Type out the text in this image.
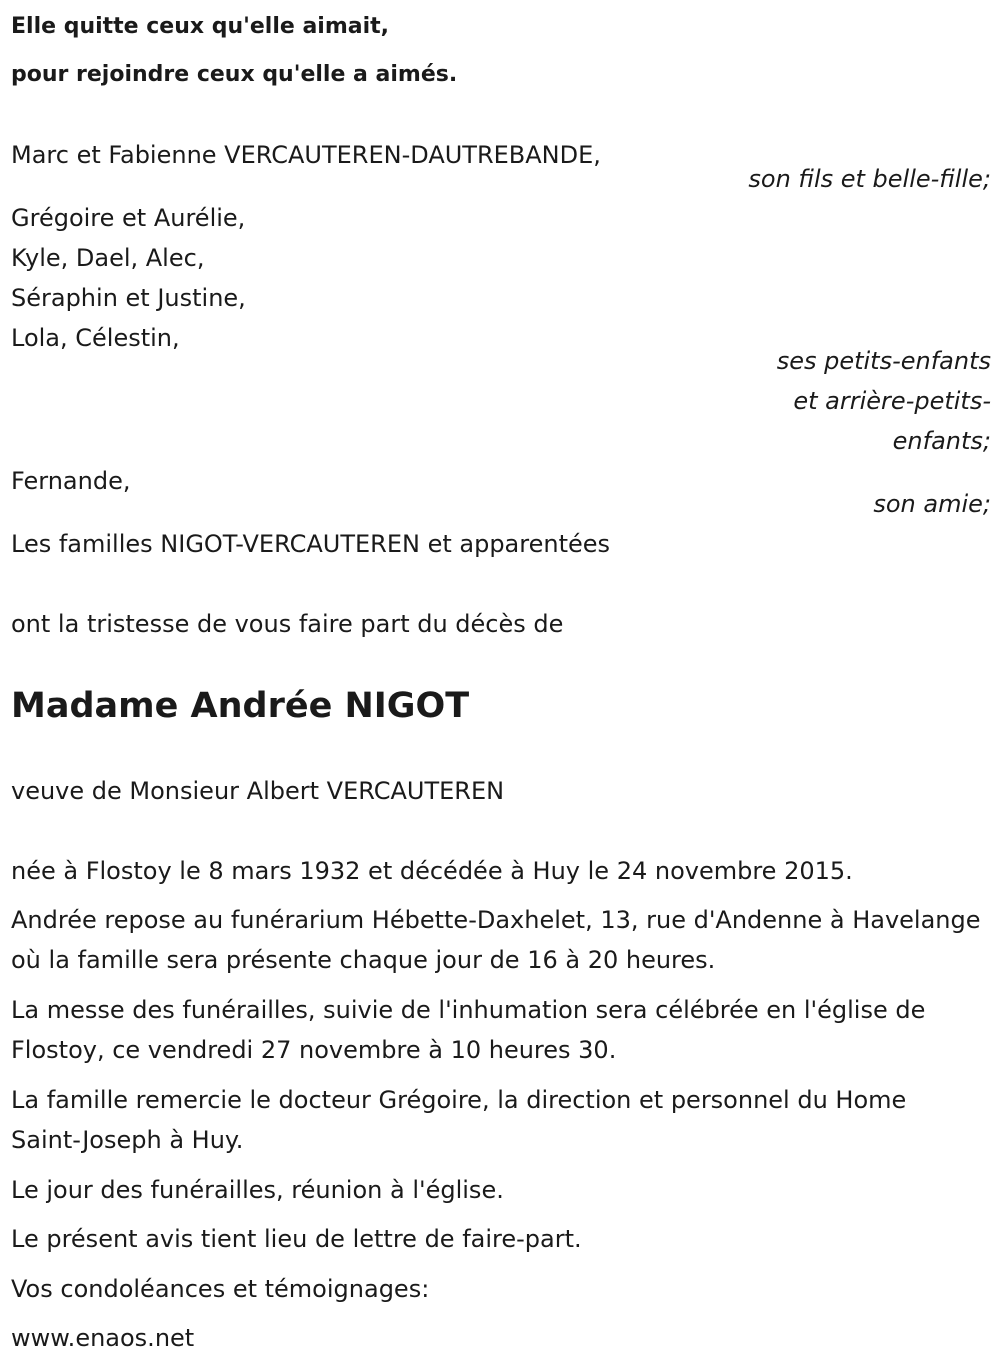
Elle quitte ceux qu'elle aimait,
pour rejoindre ceux qu'elle a aimés.
Marc et Fabienne VERCAUTEREN-DAUTREBANDE,
son fils et belle-fille;
Grégoire et Aurélie,
Kyle, Dael, Alec,
Séraphin et Justine,
Lola, Célestin,
ses petits-enfants
et arrière-petits-
enfants;
Fernande,
son amie;
Les familles NIGOT-VERCAUTEREN et apparentées
ont la tristesse de vous faire part du décès de
Madame Andrée NIGOT
veuve de Monsieur Albert VERCAUTEREN
née à Flostoy le 8 mars 1932 et décédée à Huy le 24 novembre 2015.
Andrée repose au funérarium Hébette-Daxhelet, 13, rue d'Andenne à Havelange où la famille sera présente chaque jour de 16 à 20 heures.
La messe des funérailles, suivie de l'inhumation sera célébrée en l'église de Flostoy, ce vendredi 27 novembre à 10 heures 30.
La famille remercie le docteur Grégoire, la direction et personnel du Home Saint-Joseph à Huy.
Le jour des funérailles, réunion à l'église.
Le présent avis tient lieu de lettre de faire-part.
Vos condoléances et témoignages:
www.enaos.net
